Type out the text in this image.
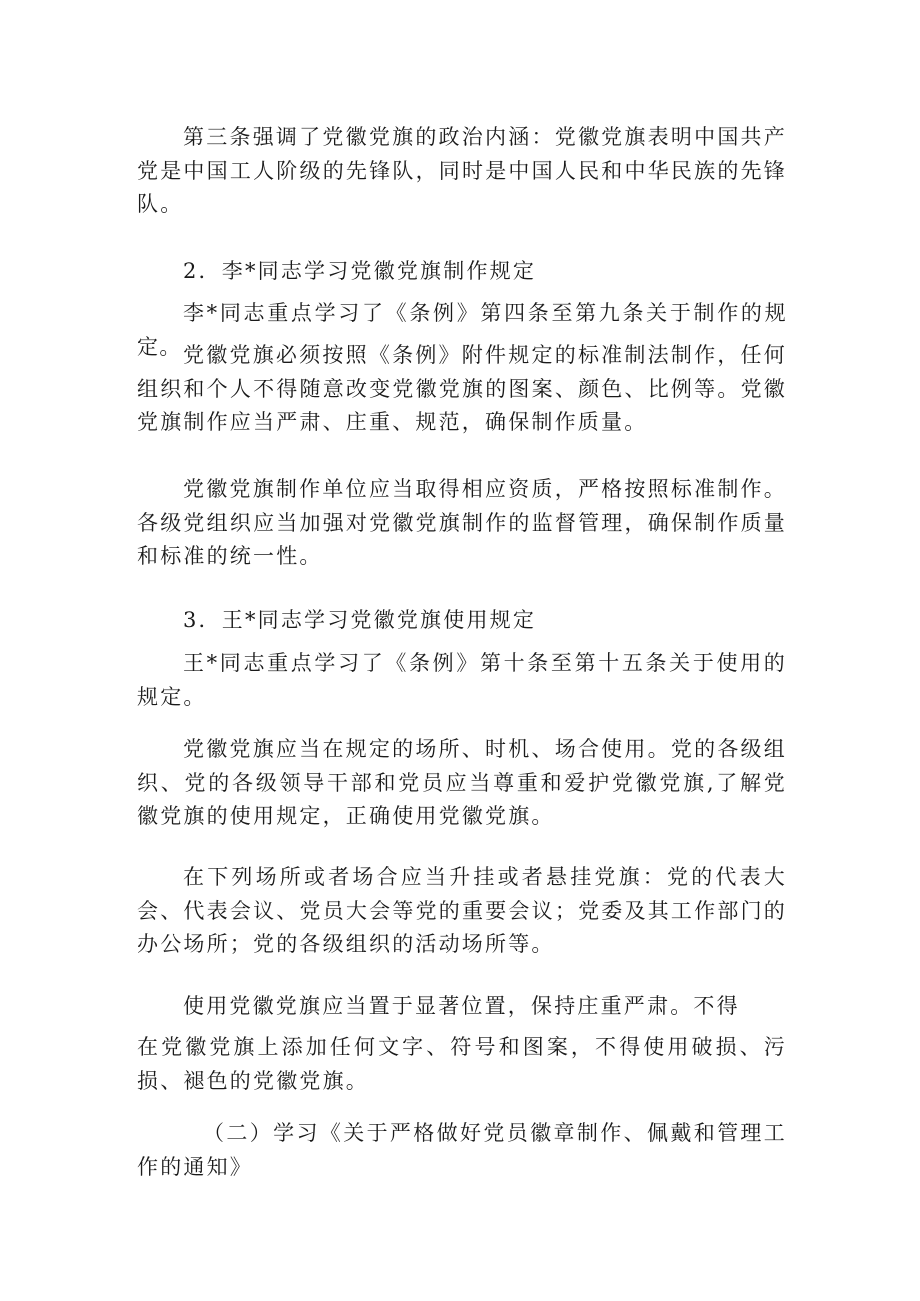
第三条强调了党徽党旗的政治内涵：党徽党旗表明中国共产党是中国工人阶级的先锋队，同时是中国人民和中华民族的先锋队。

2．李*同志学习党徽党旗制作规定

李*同志重点学习了《条例》第四条至第九条关于制作的规定。 党徽党旗必须按照《条例》附件规定的标准制法制作，任何组织和个人不得随意改变党徽党旗的图案、颜色、比例等。党徽党旗制作应当严肃、庄重、规范，确保制作质量。

党徽党旗制作单位应当取得相应资质，严格按照标准制作。各级党组织应当加强对党徽党旗制作的监督管理，确保制作质量和标准的统一性。

3．王*同志学习党徽党旗使用规定

王*同志重点学习了《条例》第十条至第十五条关于使用的规定。

党徽党旗应当在规定的场所、时机、场合使用。党的各级组织、党的各级领导干部和党员应当尊重和爱护党徽党旗,了解党徽党旗的使用规定，正确使用党徽党旗。

在下列场所或者场合应当升挂或者悬挂党旗：党的代表大会、代表会议、党员大会等党的重要会议；党委及其工作部门的办公场所；党的各级组织的活动场所等。

使用党徽党旗应当置于显著位置，保持庄重严肃。不得

在党徽党旗上添加任何文字、符号和图案，不得使用破损、污损、褪色的党徽党旗。

（二）学习《关于严格做好党员徽章制作、佩戴和管理工作的通知》
